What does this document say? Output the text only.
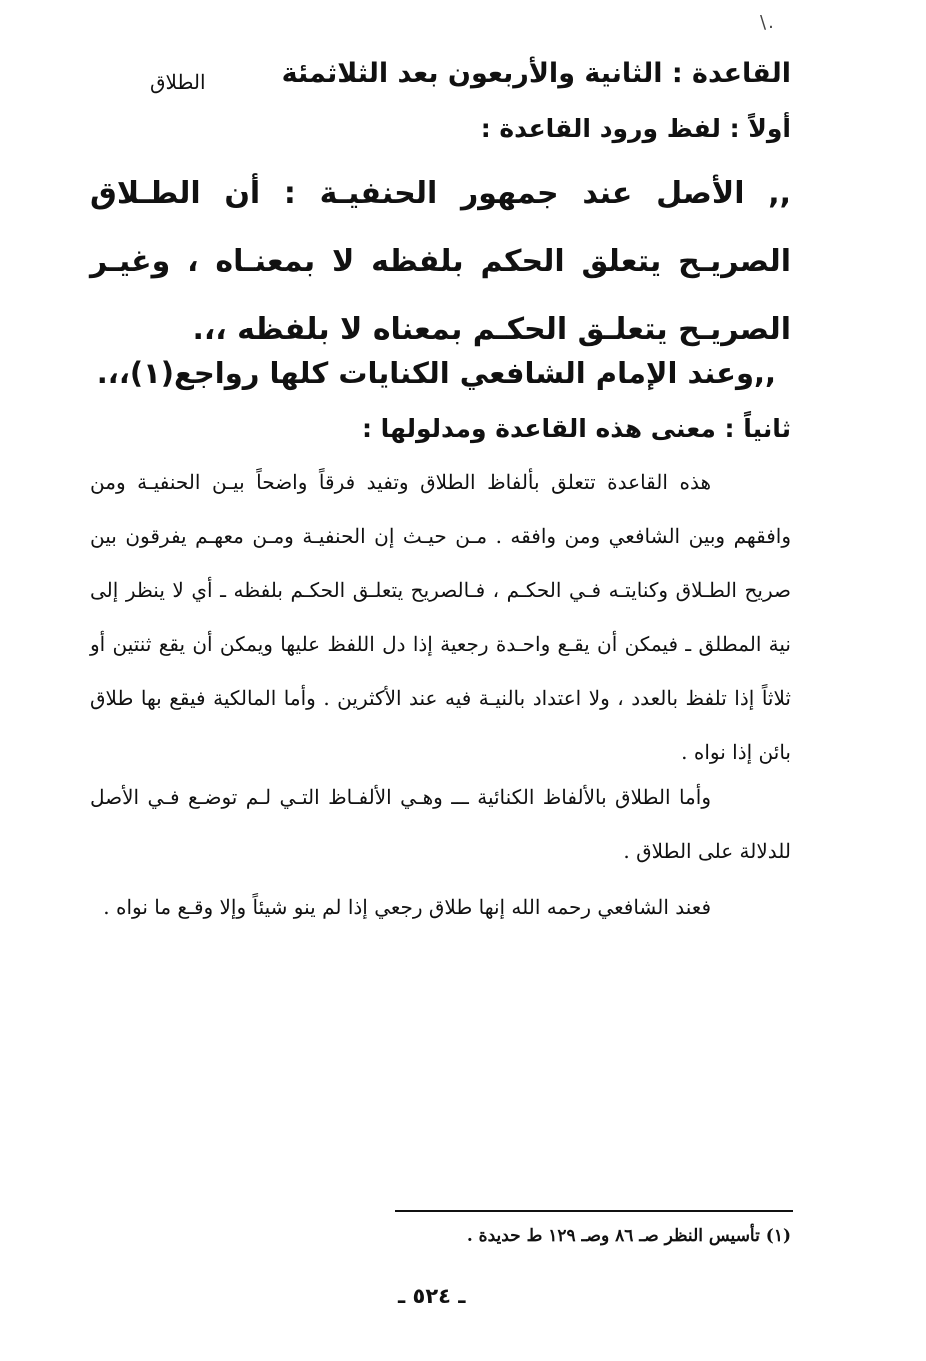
\.
القاعدة : الثانية والأربعون بعد الثلاثمئة
الطلاق
أولاً : لفظ ورود القاعدة :
,, الأصل عند جمهور الحنفيـة : أن الطـلاق الصريـح يتعلق الحكم بلفظه لا بمعنـاه ، وغيـر الصريـح يتعلـق الحكـم بمعناه لا بلفظه ،،.
,,وعند الإمام الشافعي الكنايات كلها رواجع(١)،،.
ثانياً : معنى هذه القاعدة ومدلولها :
هذه القاعدة تتعلق بألفاظ الطلاق وتفيد فرقاً واضحاً بيـن الحنفيـة ومن وافقهم وبين الشافعي ومن وافقه . مـن حيـث إن الحنفيـة ومـن معهـم يفرقون بين صريح الطـلاق وكنايتـه فـي الحكـم ، فـالصريح يتعلـق الحكـم بلفظه ـ أي لا ينظر إلى نية المطلق ـ فيمكن أن يقـع واحـدة رجعية إذا دل اللفظ عليها ويمكن أن يقع ثنتين أو ثلاثاً إذا تلفظ بالعدد ، ولا اعتداد بالنيـة فيه عند الأكثرين . وأما المالكية فيقع بها طلاق بائن إذا نواه .
وأما الطلاق بالألفاظ الكنائية ـــ وهـي الألفـاظ التـي لـم توضـع فـي الأصل للدلالة على الطلاق .
فعند الشافعي رحمه الله إنها طلاق رجعي إذا لم ينو شيئاً وإلا وقـع ما نواه .
(١) تأسيس النظر صـ ٨٦ وصـ ١٢٩ ط حديدة .
ـ ٥٢٤ ـ
